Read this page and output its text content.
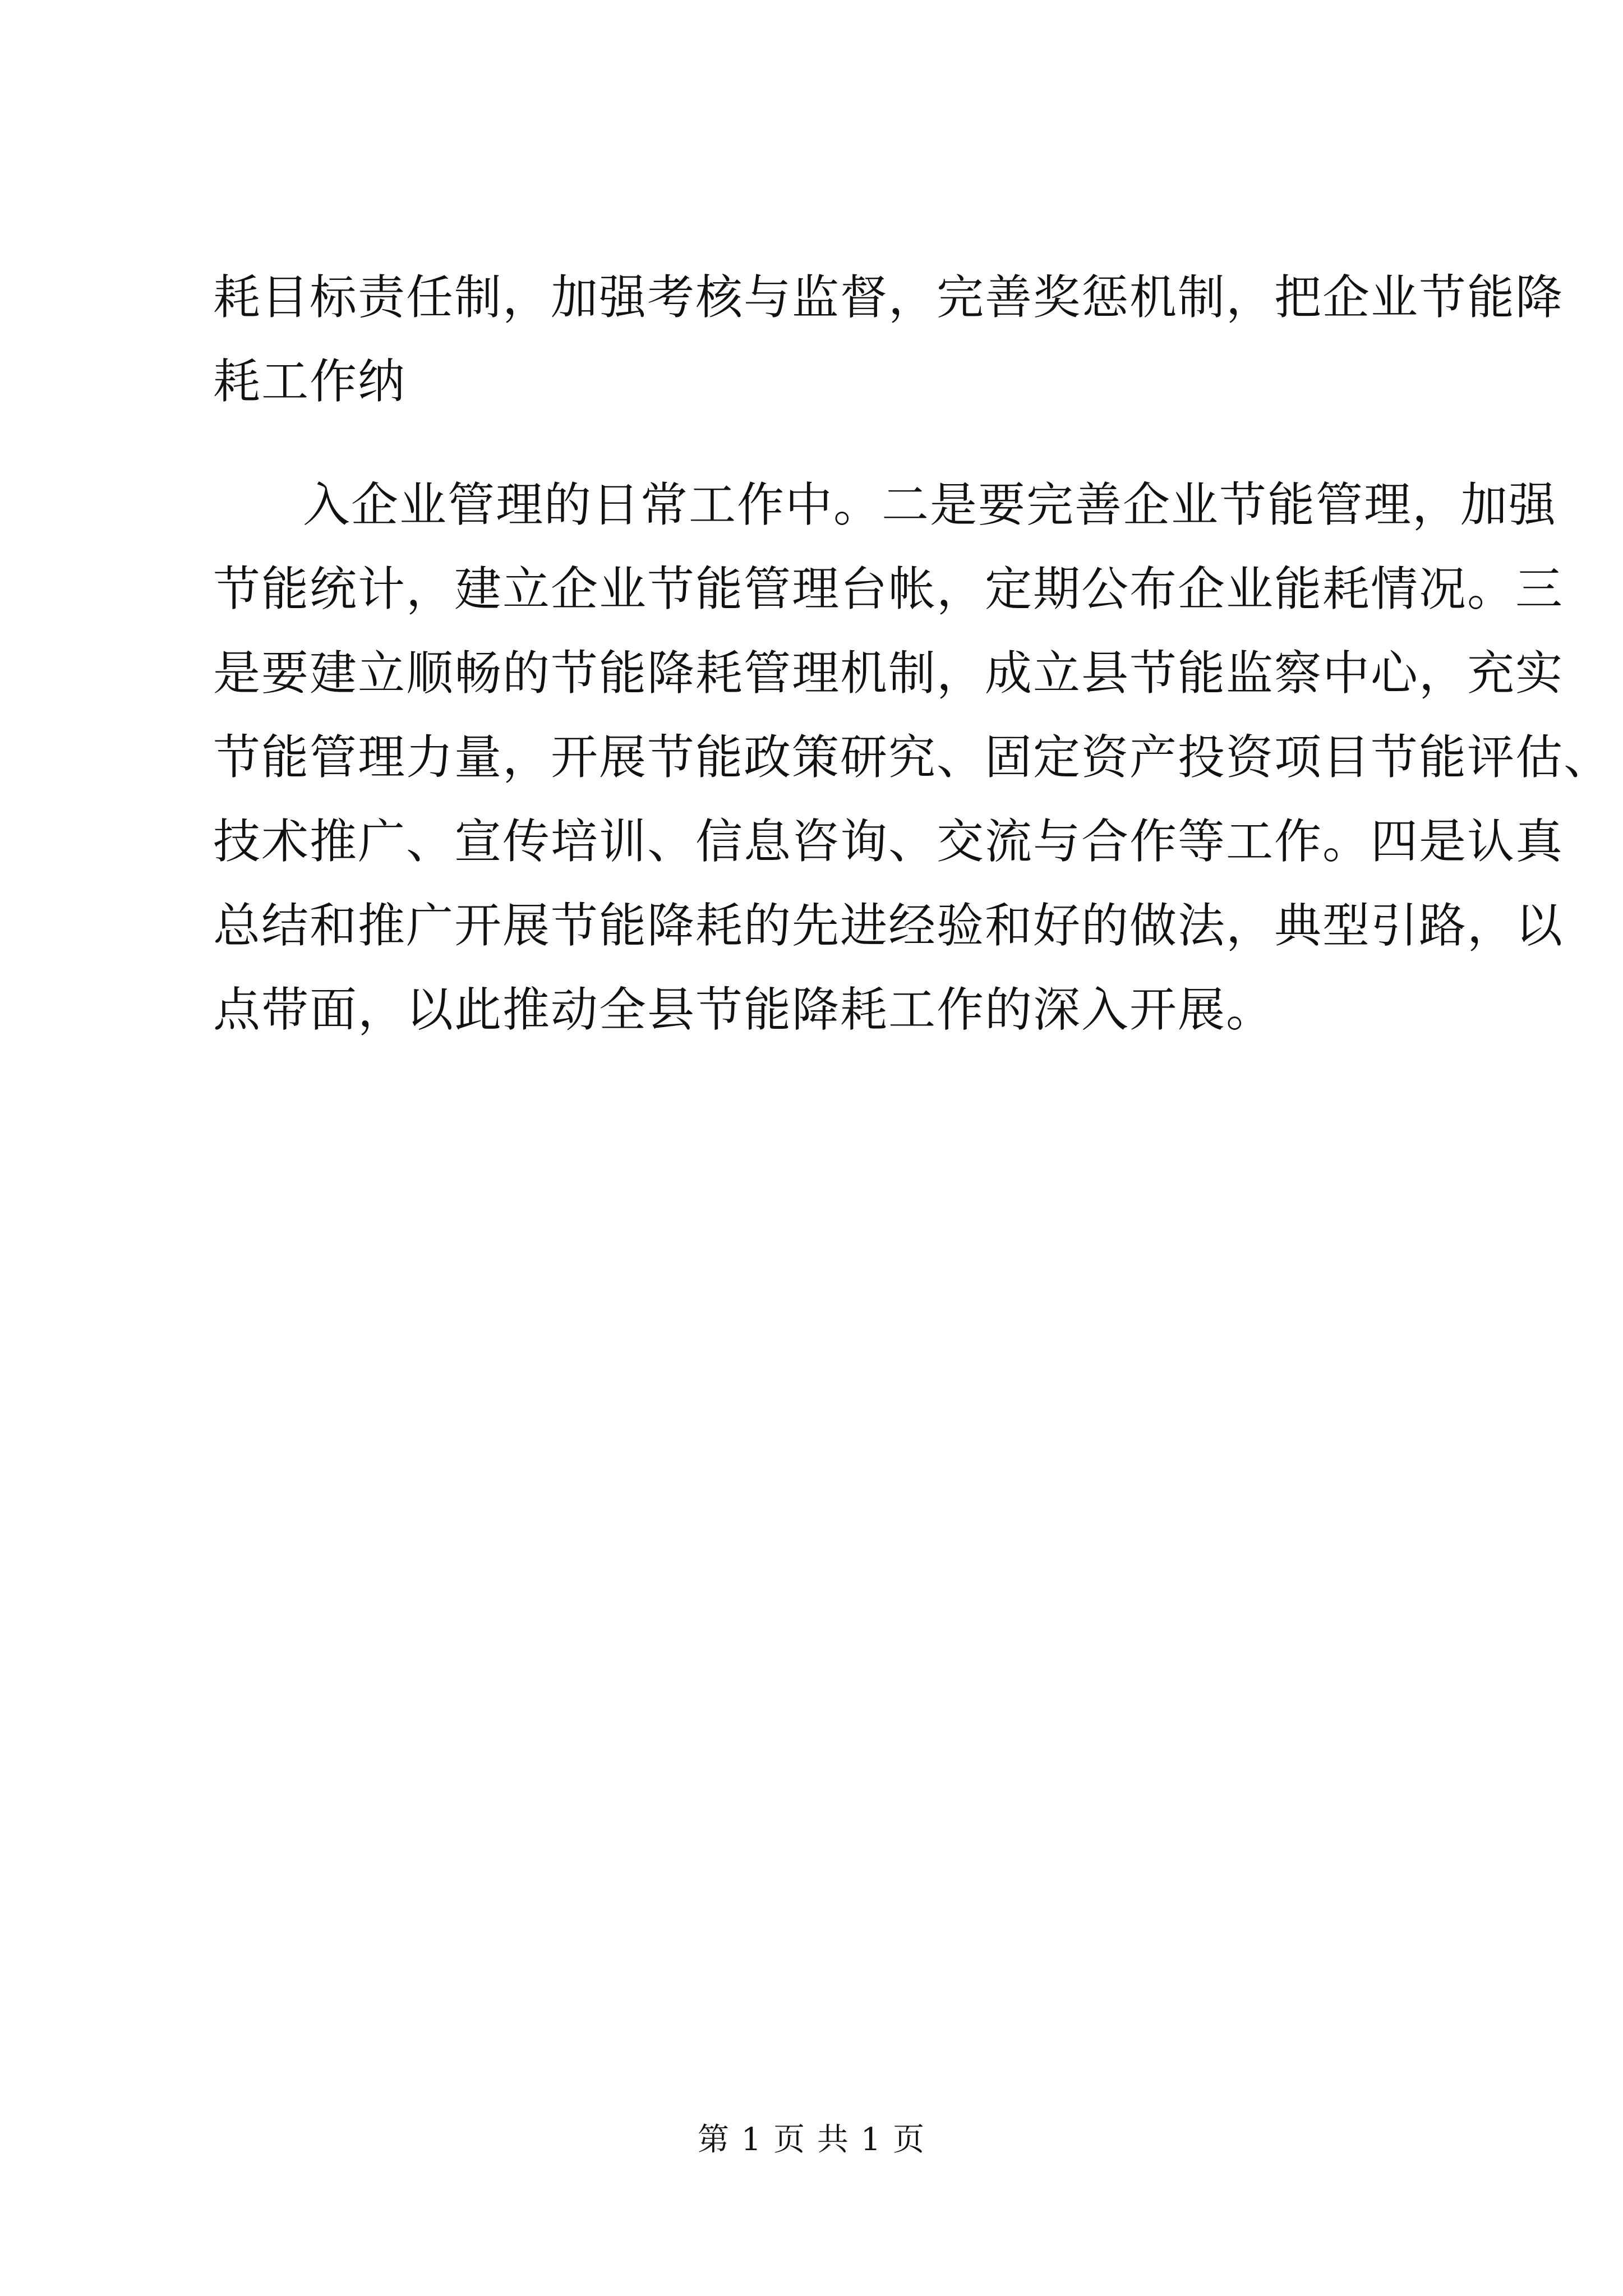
耗目标责任制，加强考核与监督，完善奖惩机制，把企业节能降
耗工作纳
入企业管理的日常工作中。二是要完善企业节能管理，加强
节能统计，建立企业节能管理台帐，定期公布企业能耗情况。三
是要建立顺畅的节能降耗管理机制，成立县节能监察中心，充实
节能管理力量，开展节能政策研究、固定资产投资项目节能评估、
技术推广、宣传培训、信息咨询、交流与合作等工作。四是认真
总结和推广开展节能降耗的先进经验和好的做法，典型引路，以
点带面，以此推动全县节能降耗工作的深入开展。
第 1 页 共 1 页
